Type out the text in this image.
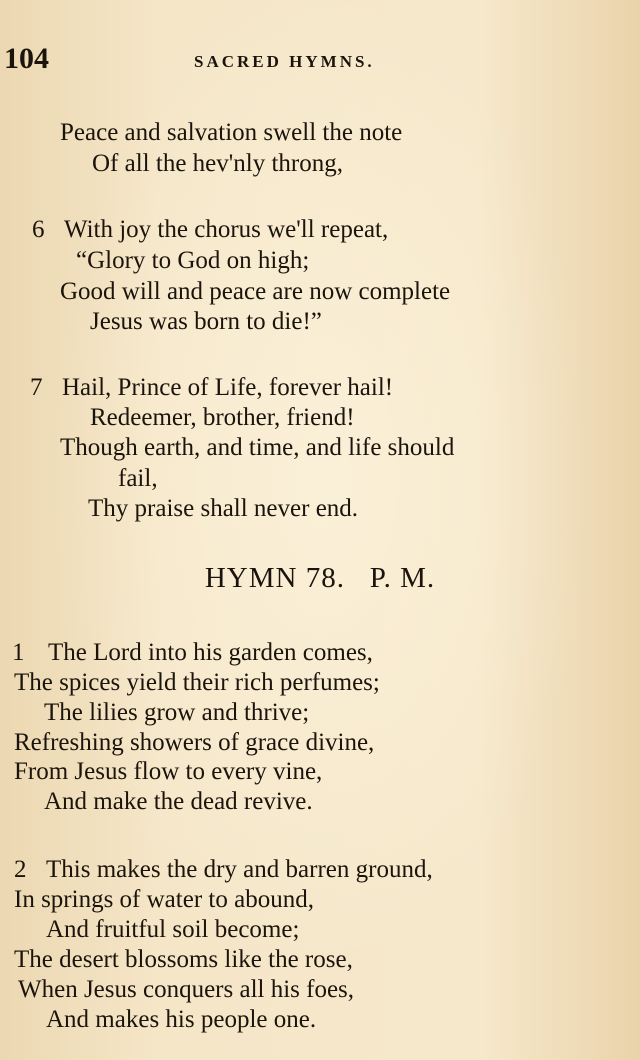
104	SACRED HYMNS.
Peace and salvation swell the note
Of all the hev'nly throng,
6 With joy the chorus we'll repeat,
“Glory to God on high;
Good will and peace are now complete
Jesus was born to die!”
7 Hail, Prince of Life, forever hail!
Redeemer, brother, friend!
Though earth, and time, and life should
fail,
Thy praise shall never end.
HYMN 78.   P. M.
1 The Lord into his garden comes,
The spices yield their rich perfumes;
The lilies grow and thrive;
Refreshing showers of grace divine,
From Jesus flow to every vine,
And make the dead revive.
2 This makes the dry and barren ground,
In springs of water to abound,
And fruitful soil become;
The desert blossoms like the rose,
When Jesus conquers all his foes,
And makes his people one.
